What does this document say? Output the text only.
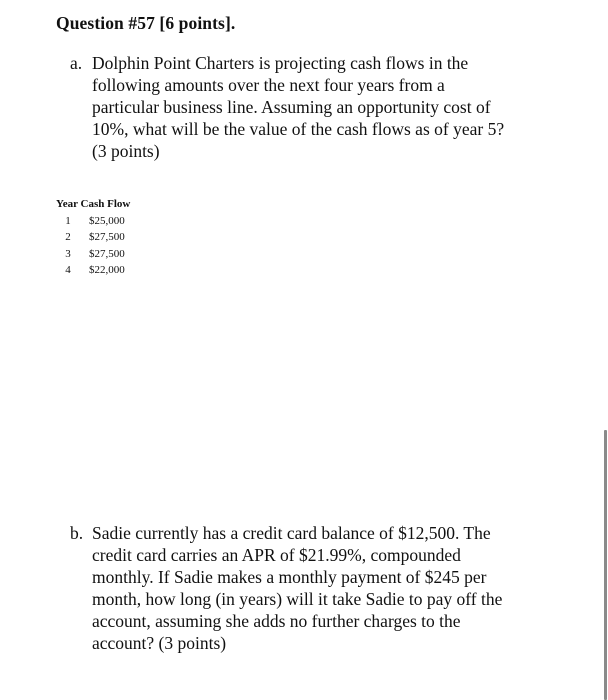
Question #57 [6 points].
a. Dolphin Point Charters is projecting cash flows in the
following amounts over the next four years from a
particular business line. Assuming an opportunity cost of
10%, what will be the value of the cash flows as of year 5?
(3 points)
Year Cash Flow
1 $25,000
2 $27,500
3 $27,500
4 $22,000
b. Sadie currently has a credit card balance of $12,500. The
credit card carries an APR of $21.99%, compounded
monthly. If Sadie makes a monthly payment of $245 per
month, how long (in years) will it take Sadie to pay off the
account, assuming she adds no further charges to the
account? (3 points)
